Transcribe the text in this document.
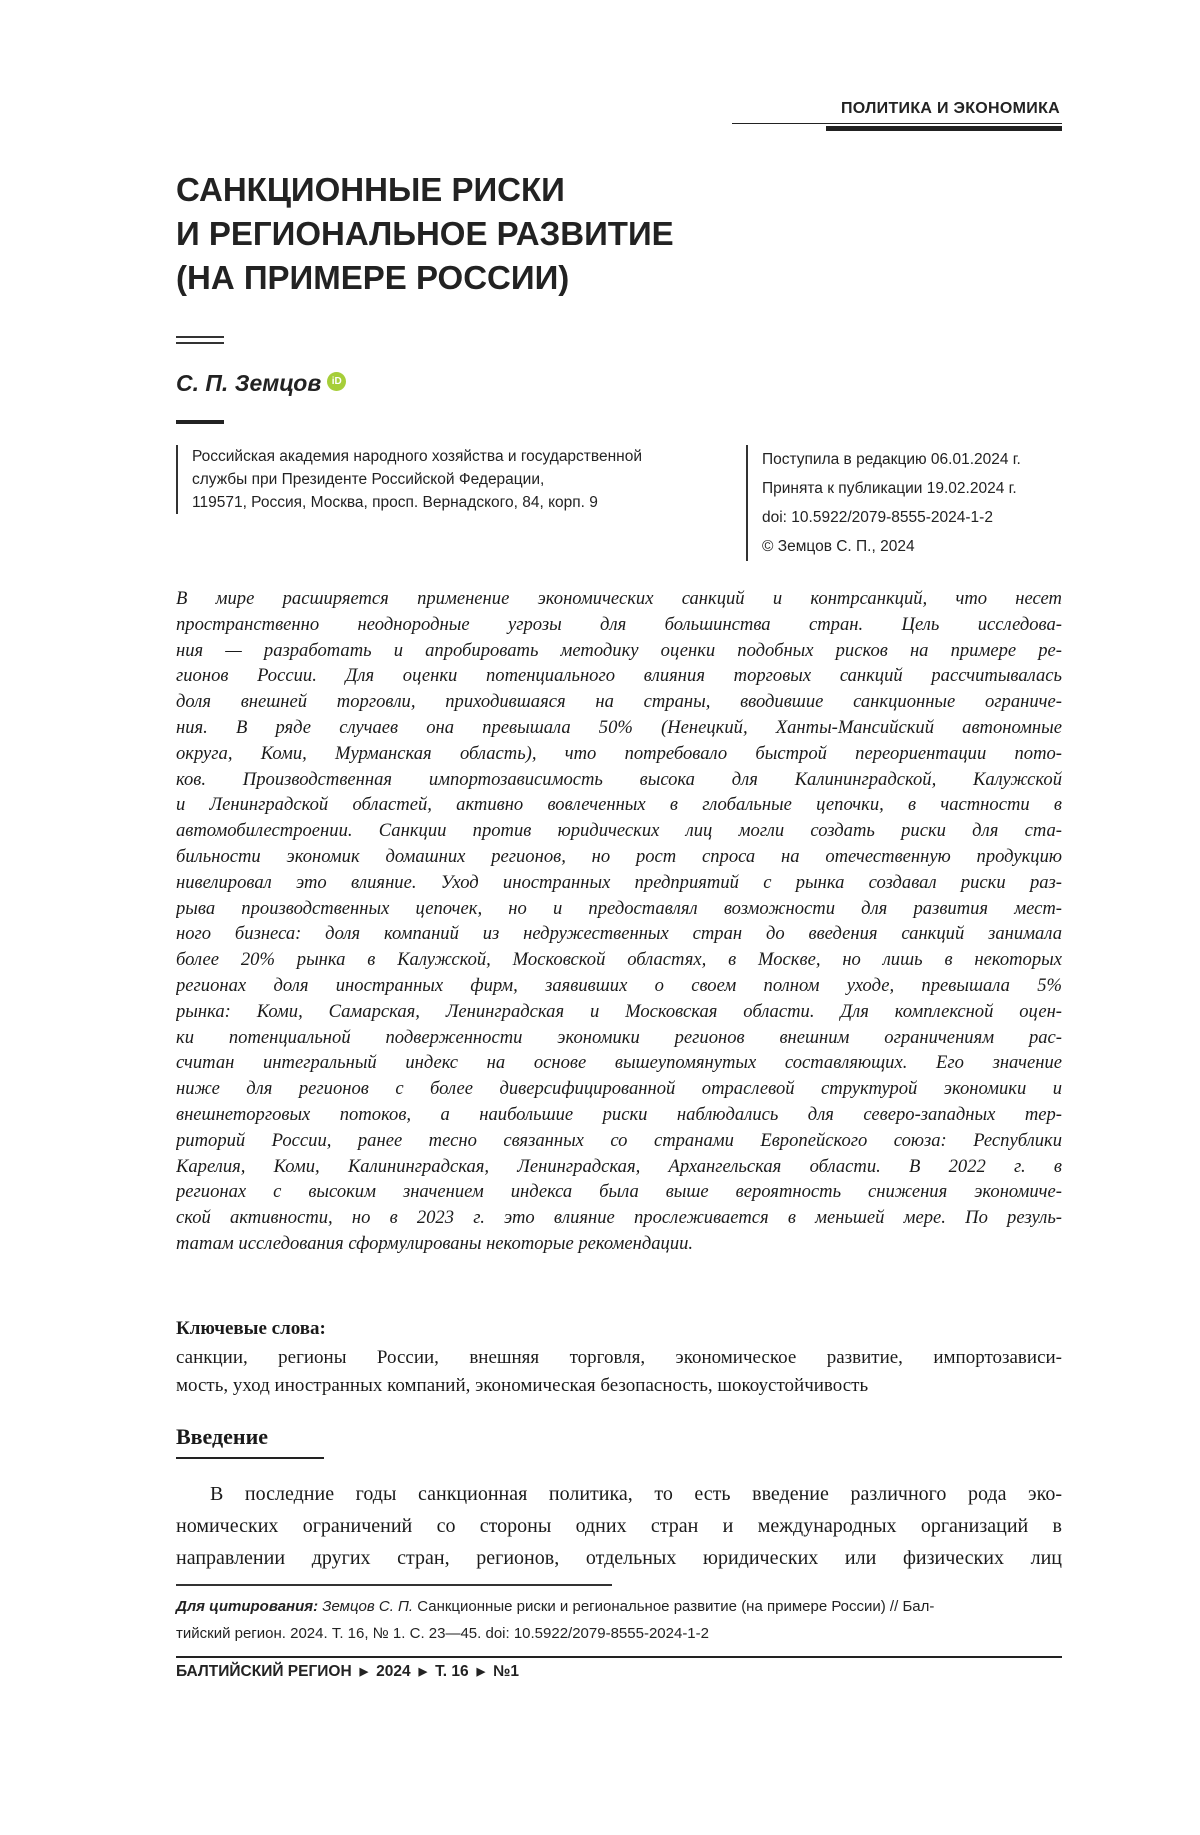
ПОЛИТИКА И ЭКОНОМИКА
САНКЦИОННЫЕ РИСКИ
И РЕГИОНАЛЬНОЕ РАЗВИТИЕ
(НА ПРИМЕРЕ РОССИИ)
С. П. Земцов iD
Российская академия народного хозяйства и государственной
службы при Президенте Российской Федерации,
119571, Россия, Москва, просп. Вернадского, 84, корп. 9
Поступила в редакцию 06.01.2024 г.
Принята к публикации 19.02.2024 г.
doi: 10.5922/2079-8555-2024-1-2
© Земцов С. П., 2024
В мире расширяется применение экономических санкций и контрсанкций, что несет
пространственно неоднородные угрозы для большинства стран. Цель исследова-
ния — разработать и апробировать методику оценки подобных рисков на примере ре-
гионов России. Для оценки потенциального влияния торговых санкций рассчитывалась
доля внешней торговли, приходившаяся на страны, вводившие санкционные ограниче-
ния. В ряде случаев она превышала 50% (Ненецкий, Ханты-Мансийский автономные
округа, Коми, Мурманская область), что потребовало быстрой переориентации пото-
ков. Производственная импортозависимость высока для Калининградской, Калужской
и Ленинградской областей, активно вовлеченных в глобальные цепочки, в частности в
автомобилестроении. Санкции против юридических лиц могли создать риски для ста-
бильности экономик домашних регионов, но рост спроса на отечественную продукцию
нивелировал это влияние. Уход иностранных предприятий с рынка создавал риски раз-
рыва производственных цепочек, но и предоставлял возможности для развития мест-
ного бизнеса: доля компаний из недружественных стран до введения санкций занимала
более 20% рынка в Калужской, Московской областях, в Москве, но лишь в некоторых
регионах доля иностранных фирм, заявивших о своем полном уходе, превышала 5%
рынка: Коми, Самарская, Ленинградская и Московская области. Для комплексной оцен-
ки потенциальной подверженности экономики регионов внешним ограничениям рас-
считан интегральный индекс на основе вышеупомянутых составляющих. Его значение
ниже для регионов с более диверсифицированной отраслевой структурой экономики и
внешнеторговых потоков, а наибольшие риски наблюдались для северо-западных тер-
риторий России, ранее тесно связанных со странами Европейского союза: Республики
Карелия, Коми, Калининградская, Ленинградская, Архангельская области. В 2022 г. в
регионах с высоким значением индекса была выше вероятность снижения экономиче-
ской активности, но в 2023 г. это влияние прослеживается в меньшей мере. По резуль-
татам исследования сформулированы некоторые рекомендации.
Ключевые слова:
санкции, регионы России, внешняя торговля, экономическое развитие, импортозависи-
мость, уход иностранных компаний, экономическая безопасность, шокоустойчивость
Введение
В последние годы санкционная политика, то есть введение различного рода эко-
номических ограничений со стороны одних стран и международных организаций в
направлении других стран, регионов, отдельных юридических или физических лиц
Для цитирования: Земцов С. П. Санкционные риски и региональное развитие (на примере России) // Бал-
тийский регион. 2024. Т. 16, № 1. С. 23—45. doi: 10.5922/2079-8555-2024-1-2
БАЛТИЙСКИЙ РЕГИОН ▶ 2024 ▶ Т. 16 ▶ №1
